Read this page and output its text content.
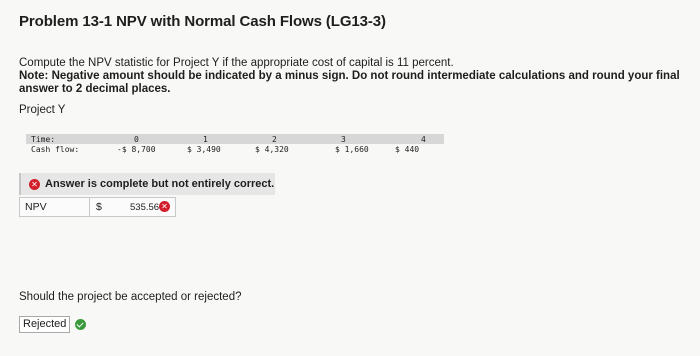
Problem 13-1 NPV with Normal Cash Flows (LG13-3)
Compute the NPV statistic for Project Y if the appropriate cost of capital is 11 percent.
Note: Negative amount should be indicated by a minus sign. Do not round intermediate calculations and round your final answer to 2 decimal places.
Project Y
Time:	0	1	2	3	4
Cash flow:	-$ 8,700	$ 3,490	$ 4,320	$ 1,660	$ 440
✕ Answer is complete but not entirely correct.
NPV	$	535.56 ✕
Should the project be accepted or rejected?
Rejected
